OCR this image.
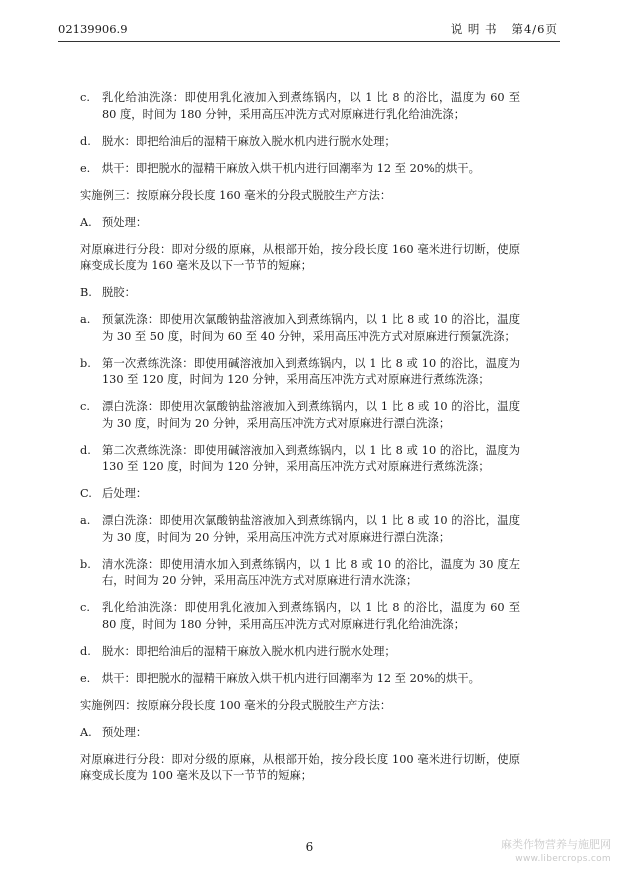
02139906.9	说 明 书 第4/6页
c. 乳化给油洗涤：即使用乳化液加入到煮练锅内，以 1 比 8 的浴比，温度为 60 至 80 度，时间为 180 分钟，采用高压冲洗方式对原麻进行乳化给油洗涤；
d. 脱水：即把给油后的湿精干麻放入脱水机内进行脱水处理；
e. 烘干：即把脱水的湿精干麻放入烘干机内进行回潮率为 12 至 20%的烘干。
实施例三：按原麻分段长度 160 毫米的分段式脱胶生产方法：
A. 预处理：
对原麻进行分段：即对分级的原麻，从根部开始，按分段长度 160 毫米进行切断，使原麻变成长度为 160 毫米及以下一节节的短麻；
B. 脱胶：
a. 预氯洗涤：即使用次氯酸钠盐溶液加入到煮练锅内，以 1 比 8 或 10 的浴比，温度为 30 至 50 度，时间为 60 至 40 分钟，采用高压冲洗方式对原麻进行预氯洗涤；
b. 第一次煮练洗涤：即使用碱溶液加入到煮练锅内，以 1 比 8 或 10 的浴比，温度为 130 至 120 度，时间为 120 分钟，采用高压冲洗方式对原麻进行煮练洗涤；
c. 漂白洗涤：即使用次氯酸钠盐溶液加入到煮练锅内，以 1 比 8 或 10 的浴比，温度为 30 度，时间为 20 分钟，采用高压冲洗方式对原麻进行漂白洗涤；
d. 第二次煮练洗涤：即使用碱溶液加入到煮练锅内，以 1 比 8 或 10 的浴比，温度为 130 至 120 度，时间为 120 分钟，采用高压冲洗方式对原麻进行煮练洗涤；
C. 后处理：
a. 漂白洗涤：即使用次氯酸钠盐溶液加入到煮练锅内，以 1 比 8 或 10 的浴比，温度为 30 度，时间为 20 分钟，采用高压冲洗方式对原麻进行漂白洗涤；
b. 清水洗涤：即使用清水加入到煮练锅内，以 1 比 8 或 10 的浴比，温度为 30 度左右，时间为 20 分钟，采用高压冲洗方式对原麻进行清水洗涤；
c. 乳化给油洗涤：即使用乳化液加入到煮练锅内，以 1 比 8 的浴比，温度为 60 至 80 度，时间为 180 分钟，采用高压冲洗方式对原麻进行乳化给油洗涤；
d. 脱水：即把给油后的湿精干麻放入脱水机内进行脱水处理；
e. 烘干：即把脱水的湿精干麻放入烘干机内进行回潮率为 12 至 20%的烘干。
实施例四：按原麻分段长度 100 毫米的分段式脱胶生产方法：
A. 预处理：
对原麻进行分段：即对分级的原麻，从根部开始，按分段长度 100 毫米进行切断，使原麻变成长度为 100 毫米及以下一节节的短麻；
6	麻类作物营养与施肥网
www.libercrops.com
